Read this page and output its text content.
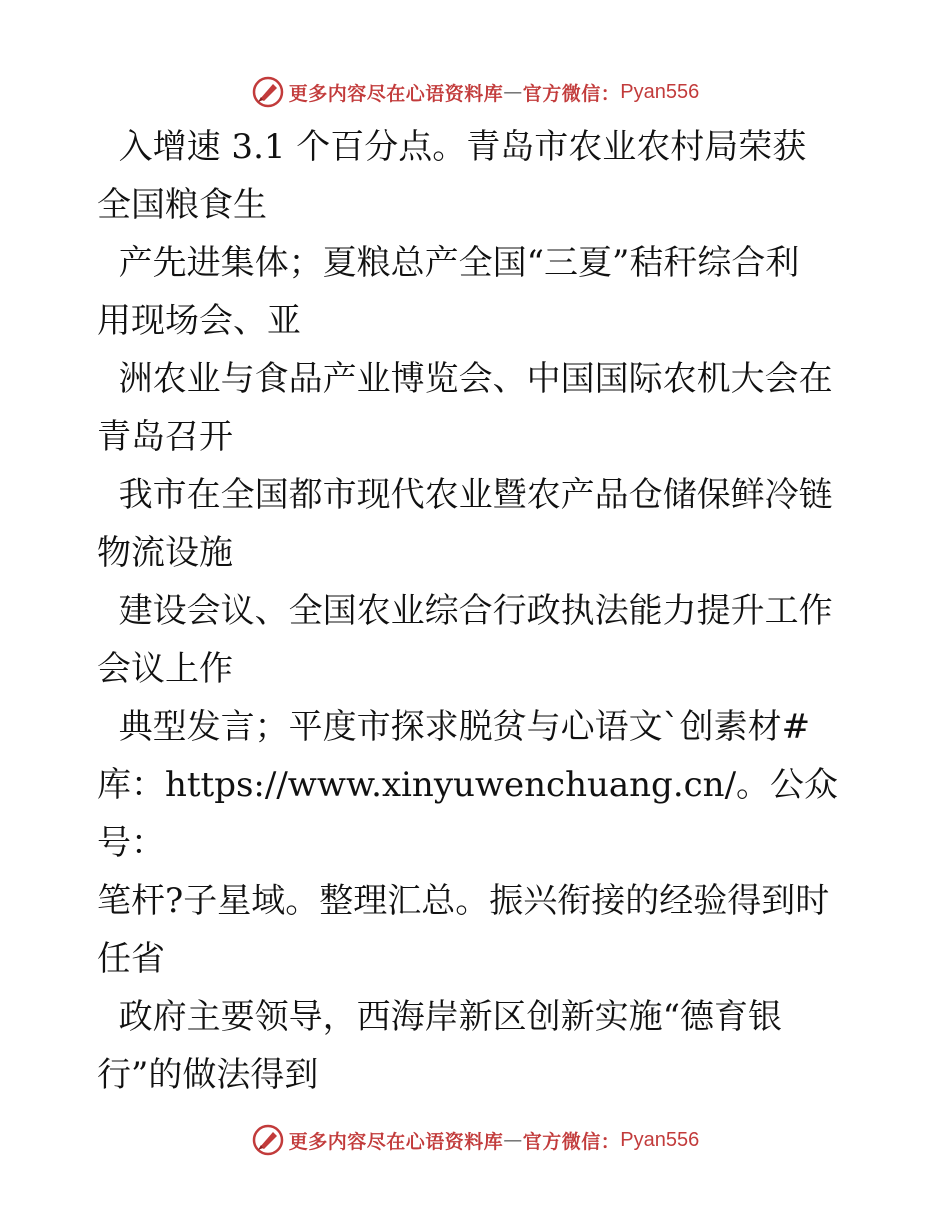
更多内容尽在心语资料库 — 官方微信： Pyan556

入增速 3.1 个百分点。青岛市农业农村局荣获

全国粮食生

产先进集体；夏粮总产全国“三夏”秸秆综合利

用现场会、亚

洲农业与食品产业博览会、中国国际农机大会在

青岛召开

我市在全国都市现代农业暨农产品仓储保鲜冷链

物流设施

建设会议、全国农业综合行政执法能力提升工作

会议上作

典型发言；平度市探求脱贫与心语文`创素材#

库：https://www.xinyuwenchuang.cn/。公众号：

笔杆?子星域。整理汇总。振兴衔接的经验得到时

任省

政府主要领导，西海岸新区创新实施“德育银

行”的做法得到

更多内容尽在心语资料库 — 官方微信： Pyan556
